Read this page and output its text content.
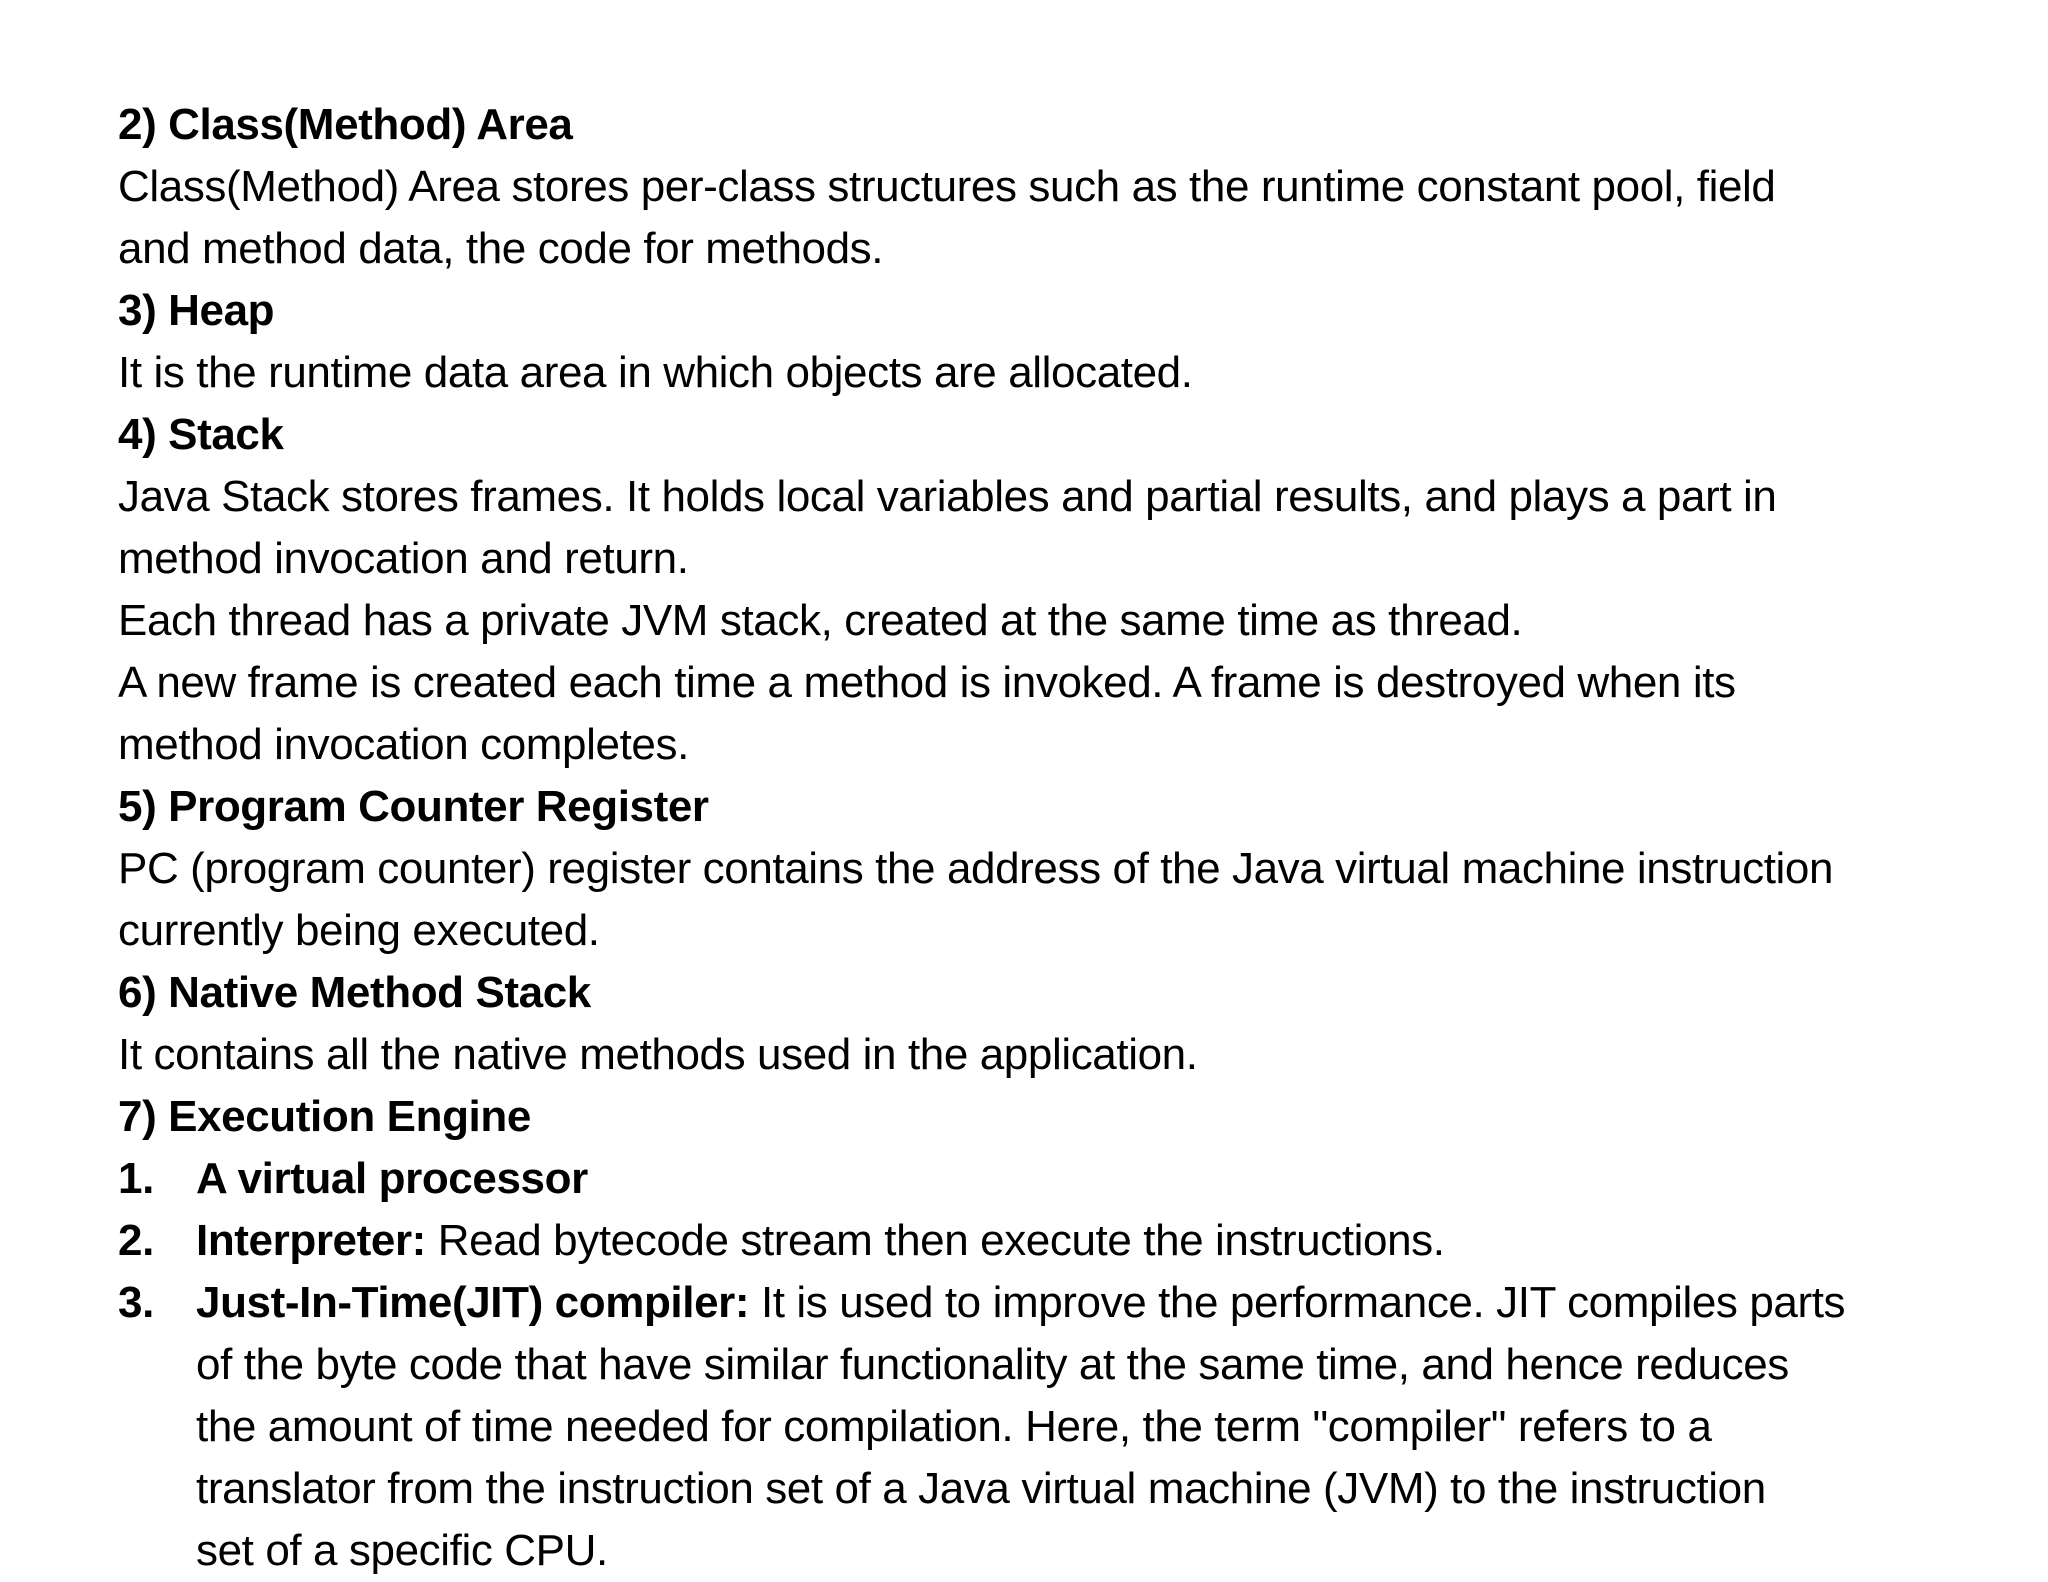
2) Class(Method) Area

Class(Method) Area stores per-class structures such as the runtime constant pool, field

and method data, the code for methods.

3) Heap

It is the runtime data area in which objects are allocated.

4) Stack

Java Stack stores frames. It holds local variables and partial results, and plays a part in

method invocation and return.

Each thread has a private JVM stack, created at the same time as thread.

A new frame is created each time a method is invoked. A frame is destroyed when its

method invocation completes.

5) Program Counter Register

PC (program counter) register contains the address of the Java virtual machine instruction

currently being executed.

6) Native Method Stack

It contains all the native methods used in the application.

7) Execution Engine

1. A virtual processor
2. Interpreter: Read bytecode stream then execute the instructions.
3. Just-In-Time(JIT) compiler: It is used to improve the performance. JIT compiles parts
of the byte code that have similar functionality at the same time, and hence reduces
the amount of time needed for compilation. Here, the term "compiler" refers to a
translator from the instruction set of a Java virtual machine (JVM) to the instruction
set of a specific CPU.
